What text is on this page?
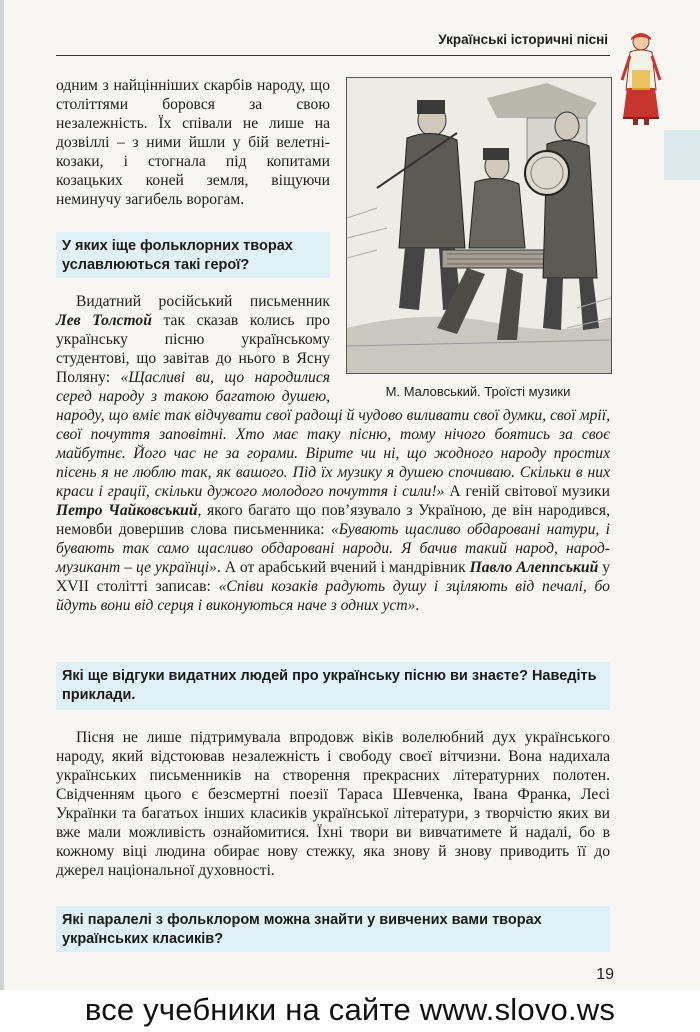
Українські історичні пісні

одним з найцінніших скарбів народу, що століттями боровся за свою незалежність. Їх співали не лише на дозвіллі – з ними йшли у бій велетні-козаки, і стогнала під копитами козацьких коней земля, віщуючи неминучу загибель ворогам.

У яких іще фольклорних творах уславлюються такі герої?
М. Маловський. Троїсті музики

Видатний російський письменник Лев Толстой так сказав колись про українську пісню українському студентові, що завітав до нього в Ясну Поляну: «Щасливі ви, що народилися серед народу з такою багатою душею, народу, що вміє так відчувати свої радощі й чудово виливати свої думки, свої мрії, свої почуття заповітні. Хто має таку пісню, тому нічого боятись за своє майбутнє. Його час не за горами. Вірите чи ні, що жодного народу простих пісень я не люблю так, як вашого. Під їх музику я душею спочиваю. Скільки в них краси і грації, скільки дужого молодого почуття і сили!» А геній світової музики Петро Чайковський, якого багато що пов’язувало з Україною, де він народився, немовби довершив слова письменника: «Бувають щасливо обдаровані натури, і бувають так само щасливо обдаровані народи. Я бачив такий народ, народ-музикант – це українці». А от арабський вчений і мандрівник Павло Алеппський у XVII столітті записав: «Співи козаків радують душу і зціляють від печалі, бо йдуть вони від серця і виконуються наче з одних уст».

Які ще відгуки видатних людей про українську пісню ви знаєте? Наведіть приклади.

Пісня не лише підтримувала впродовж віків волелюбний дух українського народу, який відстоював незалежність і свободу своєї вітчизни. Вона надихала українських письменників на створення прекрасних літературних полотен. Свідченням цього є безсмертні поезії Тараса Шевченка, Івана Франка, Лесі Українки та багатьох інших класиків української літератури, з творчістю яких ви вже мали можливість ознайомитися. Їхні твори ви вивчатимете й надалі, бо в кожному віці людина обирає нову стежку, яка знову й знову приводить її до джерел національної духовності.

Які паралелі з фольклором можна знайти у вивчених вами творах українських класиків?
19
все учебники на сайте www.slovo.ws
